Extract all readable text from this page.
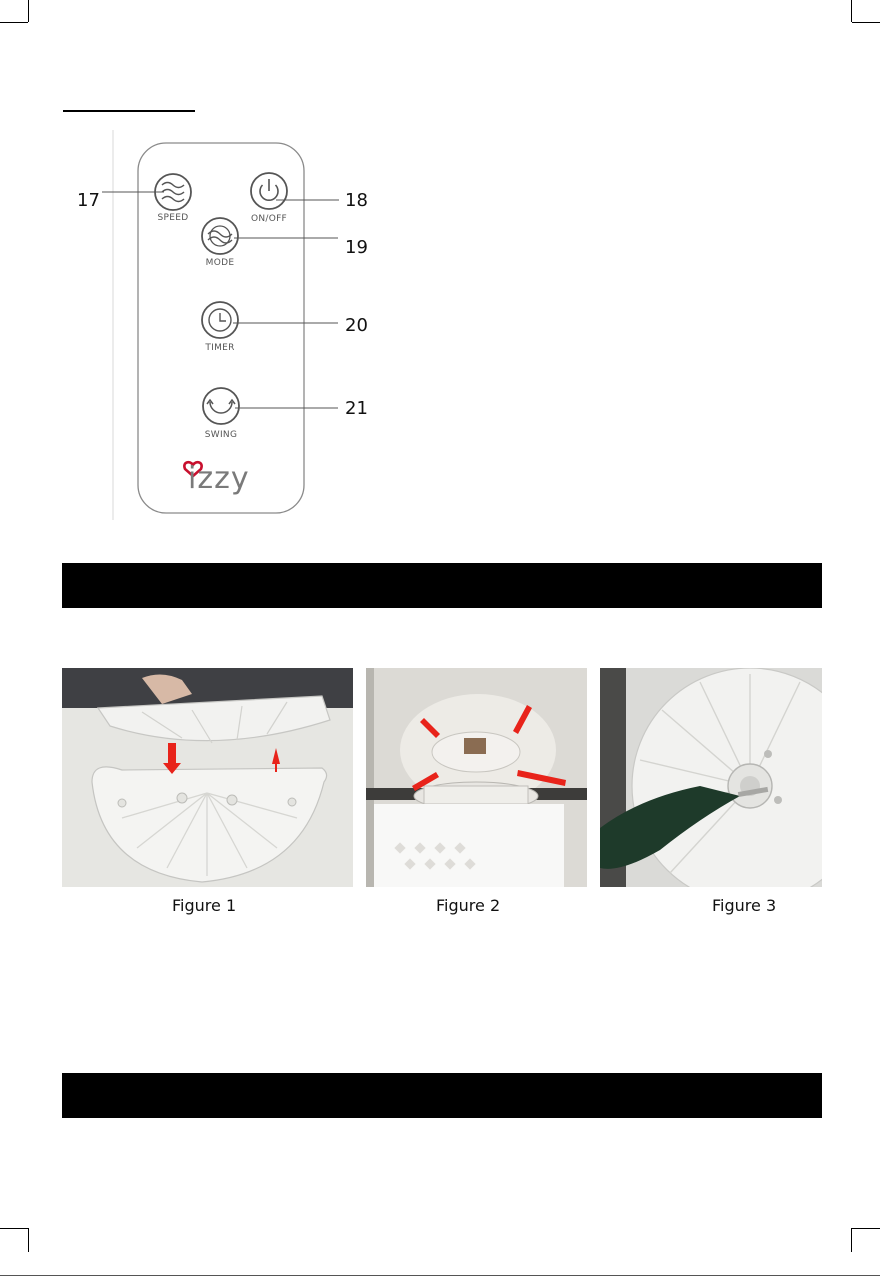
SPEED	ON/OFF
MODE
TIMER
SWING
izzy
17	18
19
20
21
Figure 1	Figure 2	Figure 3
